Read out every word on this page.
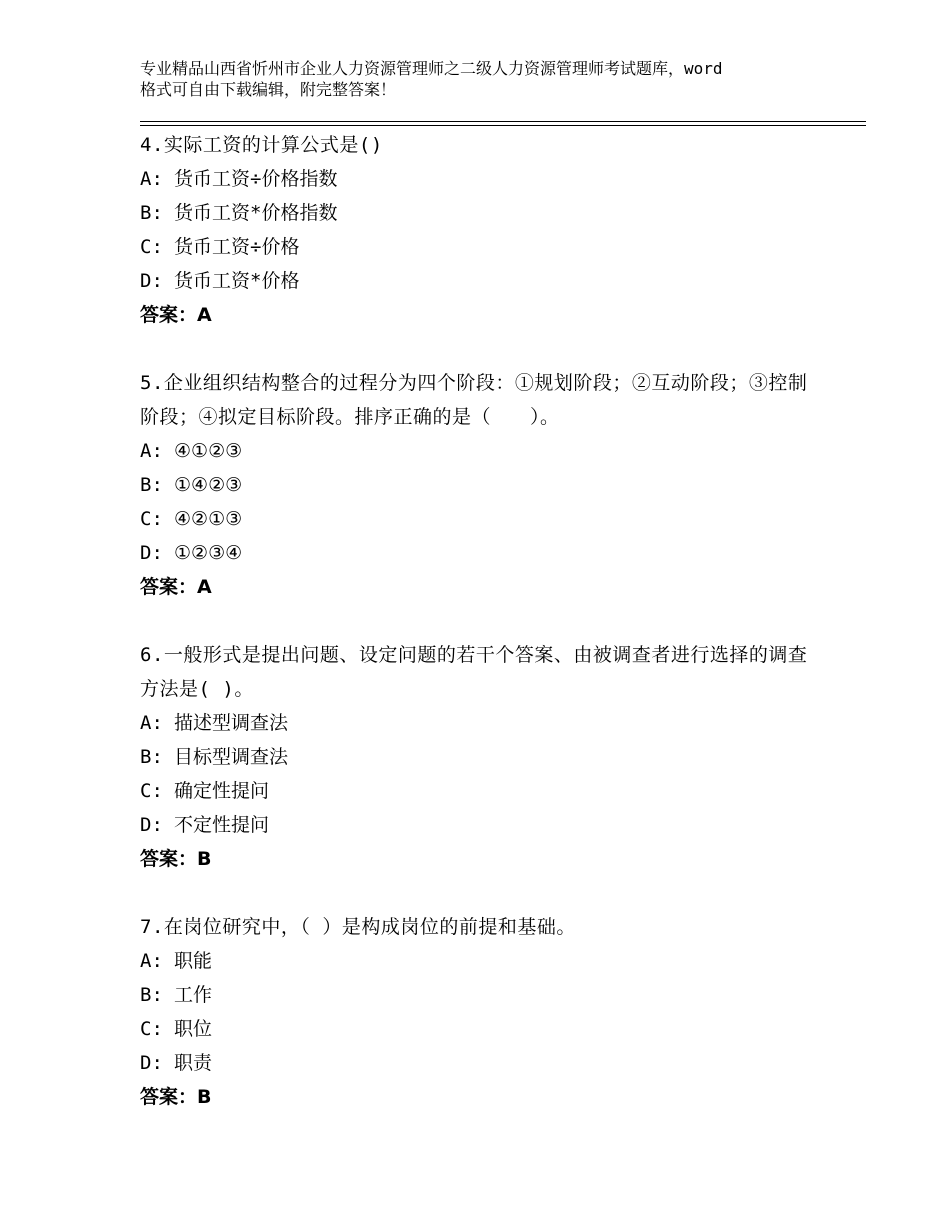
专业精品山西省忻州市企业人力资源管理师之二级人力资源管理师考试题库，word
格式可自由下载编辑，附完整答案！
4.实际工资的计算公式是()
A: 货币工资÷价格指数
B: 货币工资*价格指数
C: 货币工资÷价格
D: 货币工资*价格
答案：A
5.企业组织结构整合的过程分为四个阶段：①规划阶段；②互动阶段；③控制阶段；④拟定目标阶段。排序正确的是（　　）。
A: ④①②③
B: ①④②③
C: ④②①③
D: ①②③④
答案：A
6.一般形式是提出问题、设定问题的若干个答案、由被调查者进行选择的调查方法是( )。
A: 描述型调查法
B: 目标型调查法
C: 确定性提问
D: 不定性提问
答案：B
7.在岗位研究中，（ ）是构成岗位的前提和基础。
A: 职能
B: 工作
C: 职位
D: 职责
答案：B
